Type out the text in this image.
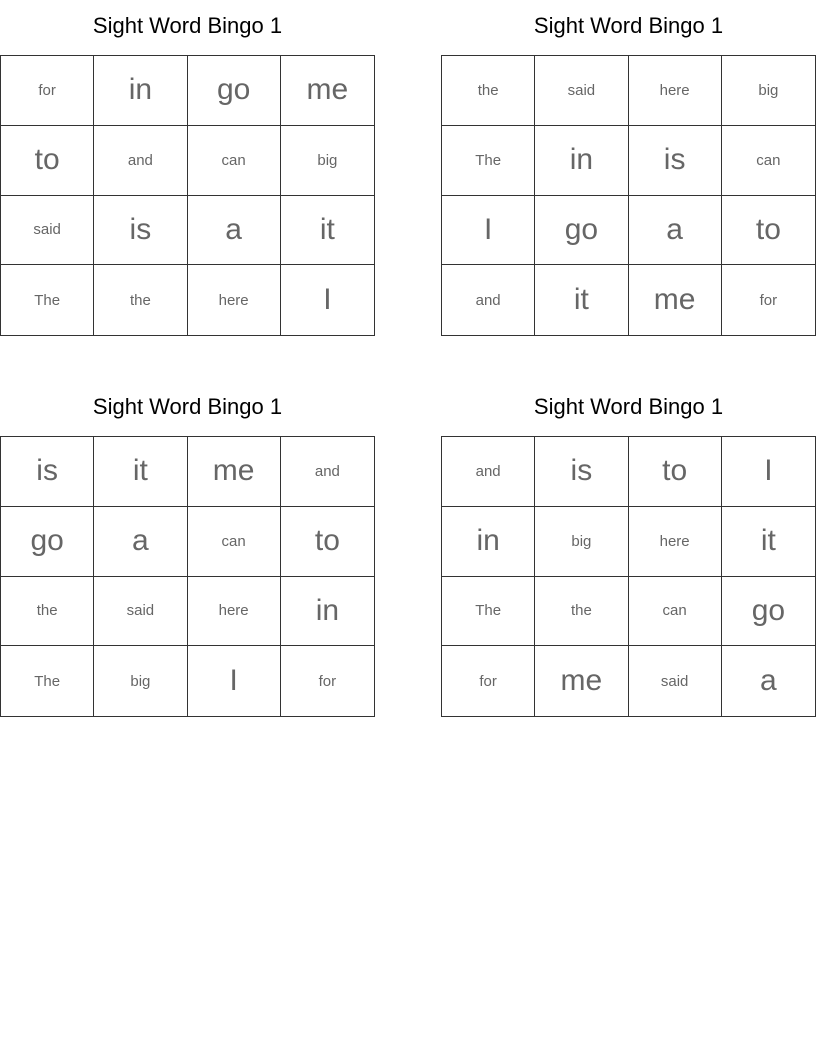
Sight Word Bingo 1
for	in	go	me
to	and	can	big
said	is	a	it
The	the	here	I
Sight Word Bingo 1
the	said	here	big
The	in	is	can
I	go	a	to
and	it	me	for
Sight Word Bingo 1
is	it	me	and
go	a	can	to
the	said	here	in
The	big	I	for
Sight Word Bingo 1
and	is	to	I
in	big	here	it
The	the	can	go
for	me	said	a
